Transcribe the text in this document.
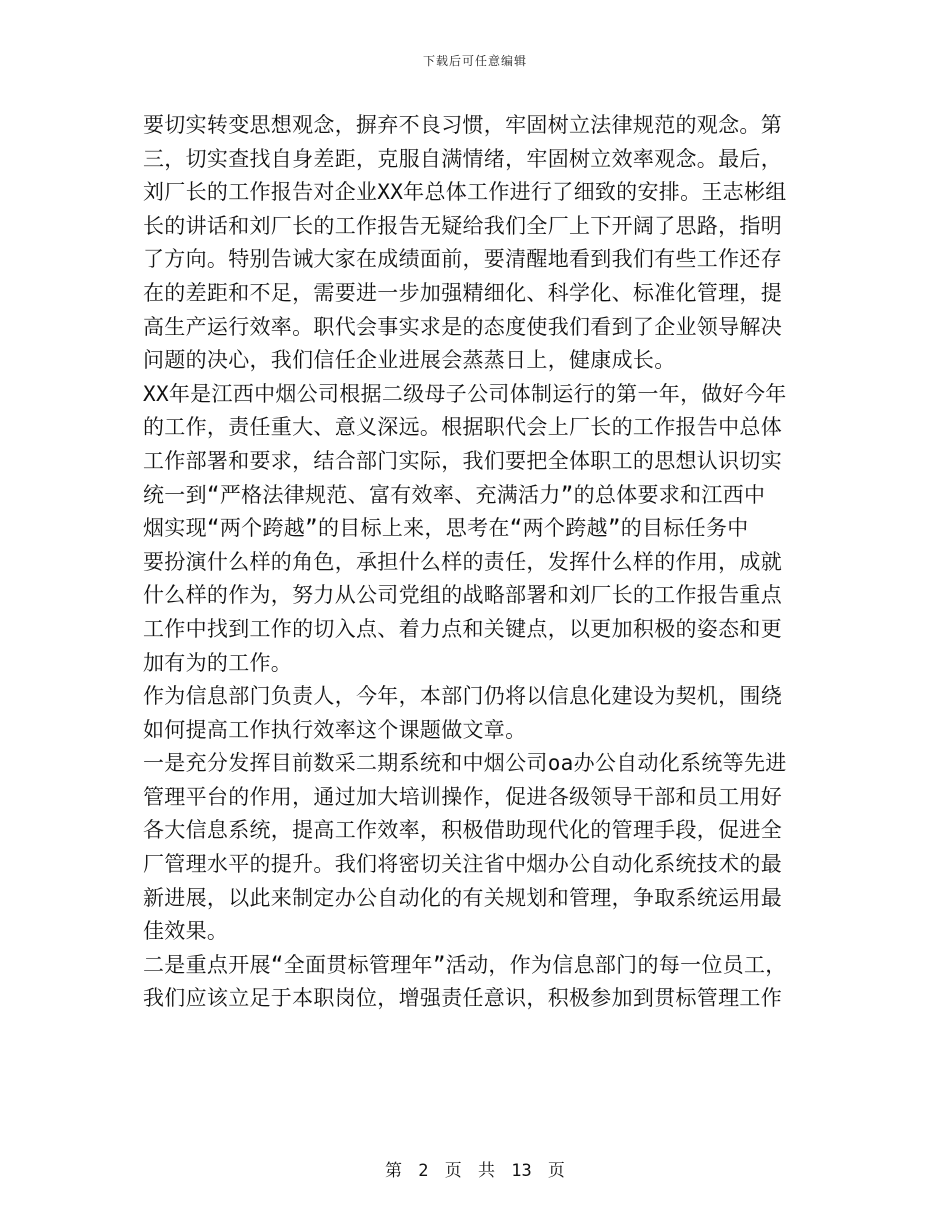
下载后可任意编辑
要切实转变思想观念，摒弃不良习惯，牢固树立法律规范的观念。第
三，切实查找自身差距，克服自满情绪，牢固树立效率观念。最后，
刘厂长的工作报告对企业XX年总体工作进行了细致的安排。王志彬组
长的讲话和刘厂长的工作报告无疑给我们全厂上下开阔了思路，指明
了方向。特别告诫大家在成绩面前，要清醒地看到我们有些工作还存
在的差距和不足，需要进一步加强精细化、科学化、标准化管理，提
高生产运行效率。职代会事实求是的态度使我们看到了企业领导解决
问题的决心，我们信任企业进展会蒸蒸日上，健康成长。
XX年是江西中烟公司根据二级母子公司体制运行的第一年，做好今年
的工作，责任重大、意义深远。根据职代会上厂长的工作报告中总体
工作部署和要求，结合部门实际，我们要把全体职工的思想认识切实
统一到“严格法律规范、富有效率、充满活力”的总体要求和江西中
烟实现“两个跨越”的目标上来，思考在“两个跨越”的目标任务中
要扮演什么样的角色，承担什么样的责任，发挥什么样的作用，成就
什么样的作为，努力从公司党组的战略部署和刘厂长的工作报告重点
工作中找到工作的切入点、着力点和关键点，以更加积极的姿态和更
加有为的工作。
作为信息部门负责人，今年，本部门仍将以信息化建设为契机，围绕
如何提高工作执行效率这个课题做文章。
一是充分发挥目前数采二期系统和中烟公司oa办公自动化系统等先进
管理平台的作用，通过加大培训操作，促进各级领导干部和员工用好
各大信息系统，提高工作效率，积极借助现代化的管理手段，促进全
厂管理水平的提升。我们将密切关注省中烟办公自动化系统技术的最
新进展，以此来制定办公自动化的有关规划和管理，争取系统运用最
佳效果。
二是重点开展“全面贯标管理年”活动，作为信息部门的每一位员工，
我们应该立足于本职岗位，增强责任意识，积极参加到贯标管理工作
第 2 页 共 13 页
